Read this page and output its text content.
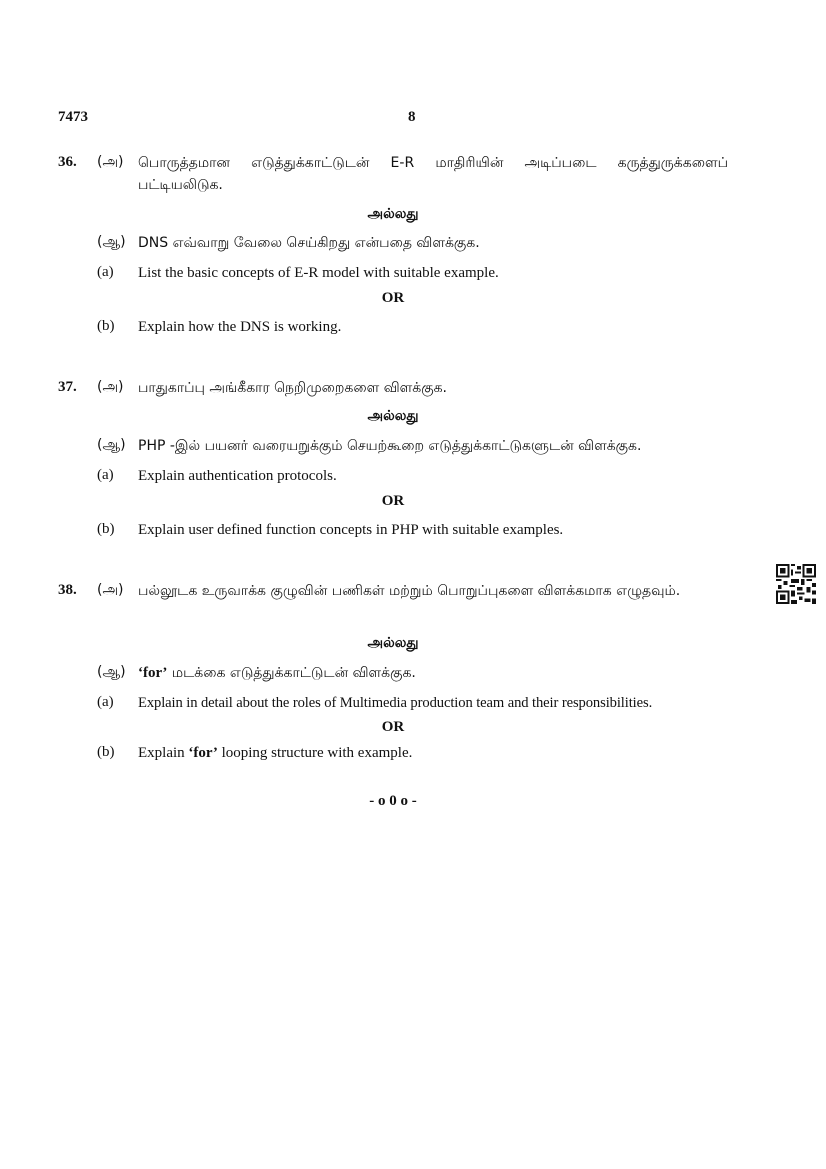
7473	8
36. (அ) பொருத்தமான எடுத்துக்காட்டுடன் E-R மாதிரியின் அடிப்படை கருத்துருக்களைப் பட்டியலிடுக.
அல்லது
(ஆ) DNS எவ்வாறு வேலை செய்கிறது என்பதை விளக்குக.
(a) List the basic concepts of E-R model with suitable example.
OR
(b) Explain how the DNS is working.
37. (அ) பாதுகாப்பு அங்கீகார நெறிமுறைகளை விளக்குக.
அல்லது
(ஆ) PHP -இல் பயனர் வரையறுக்கும் செயற்கூறை எடுத்துக்காட்டுகளுடன் விளக்குக.
(a) Explain authentication protocols.
OR
(b) Explain user defined function concepts in PHP with suitable examples.
38. (அ) பல்லூடக உருவாக்க குழுவின் பணிகள் மற்றும் பொறுப்புகளை விளக்கமாக எழுதவும்.
அல்லது
(ஆ) ‘for’ மடக்கை எடுத்துக்காட்டுடன் விளக்குக.
(a) Explain in detail about the roles of Multimedia production team and their responsibilities.
OR
(b) Explain ‘for’ looping structure with example.
- o 0 o -
